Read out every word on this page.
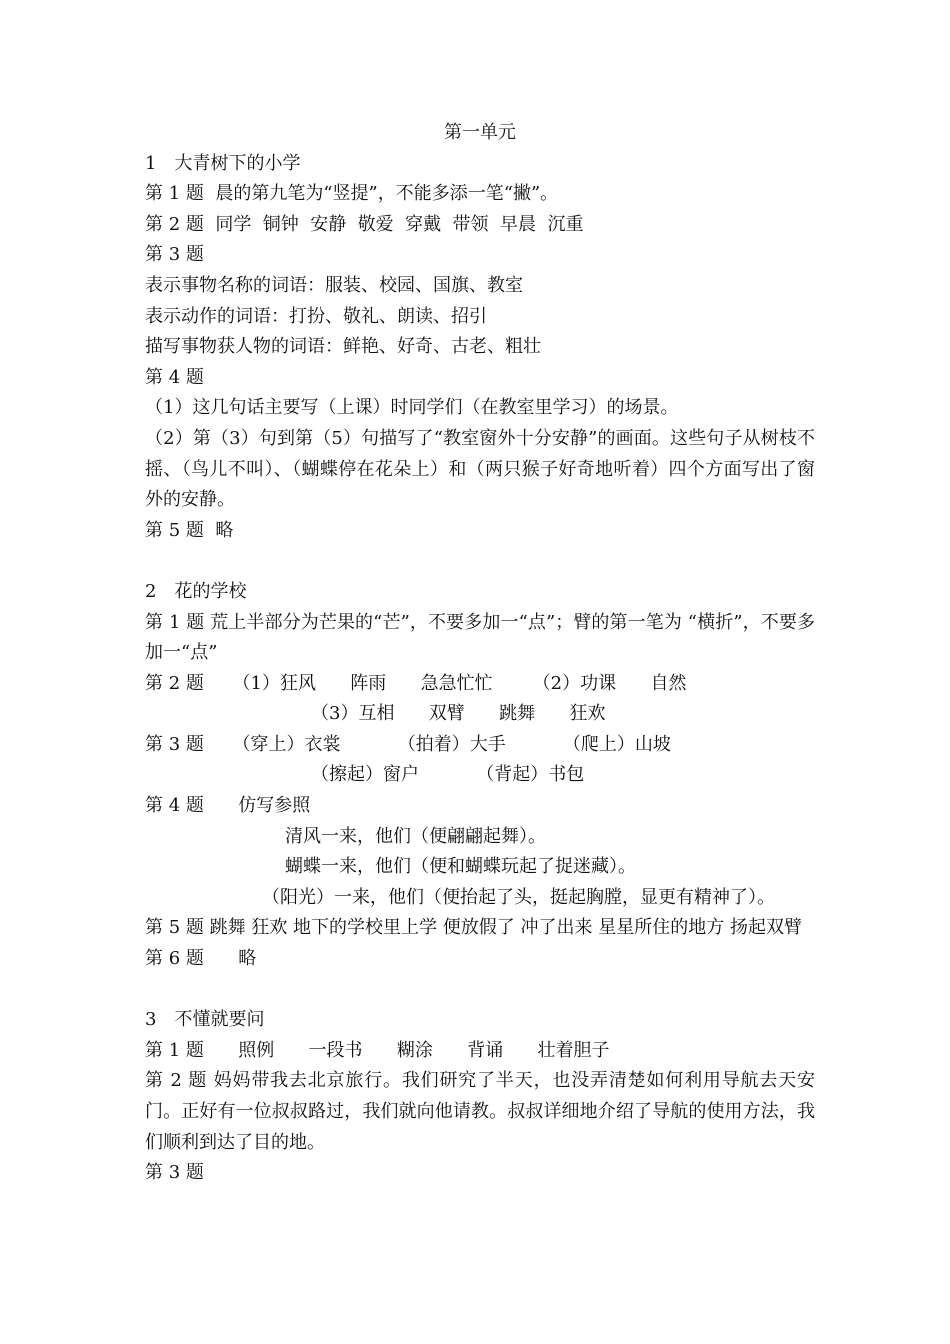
第一单元
1　大青树下的小学
第 1 题  晨的第九笔为“竖提”，不能多添一笔“撇”。
第 2 题  同学  铜钟  安静  敬爱  穿戴  带领  早晨  沉重
第 3 题
表示事物名称的词语：服装、校园、国旗、教室
表示动作的词语：打扮、敬礼、朗读、招引
描写事物获人物的词语：鲜艳、好奇、古老、粗壮
第 4 题
（1）这几句话主要写（上课）时同学们（在教室里学习）的场景。
（2）第（3）句到第（5）句描写了“教室窗外十分安静”的画面。这些句子从树枝不摇、（鸟儿不叫）、（蝴蝶停在花朵上）和（两只猴子好奇地听着）四个方面写出了窗外的安静。
第 5 题  略
2　花的学校
第 1 题 荒上半部分为芒果的“芒”，不要多加一“点”；臂的第一笔为 “横折”，不要多加一“点”
第 2 题     （1）狂风      阵雨      急急忙忙       （2）功课      自然
（3）互相      双臂      跳舞      狂欢
第 3 题     （穿上）衣裳          （拍着）大手          （爬上）山坡
（擦起）窗户          （背起）书包
第 4 题      仿写参照
清风一来，他们（便翩翩起舞）。
蝴蝶一来，他们（便和蝴蝶玩起了捉迷藏）。
（阳光）一来，他们（便抬起了头，挺起胸膛，显更有精神了）。
第 5 题 跳舞 狂欢 地下的学校里上学 便放假了 冲了出来 星星所住的地方 扬起双臂
第 6 题      略
3　不懂就要问
第 1 题      照例      一段书      糊涂      背诵      壮着胆子
第 2 题 妈妈带我去北京旅行。我们研究了半天，也没弄清楚如何利用导航去天安门。正好有一位叔叔路过，我们就向他请教。叔叔详细地介绍了导航的使用方法，我们顺利到达了目的地。
第 3 题
